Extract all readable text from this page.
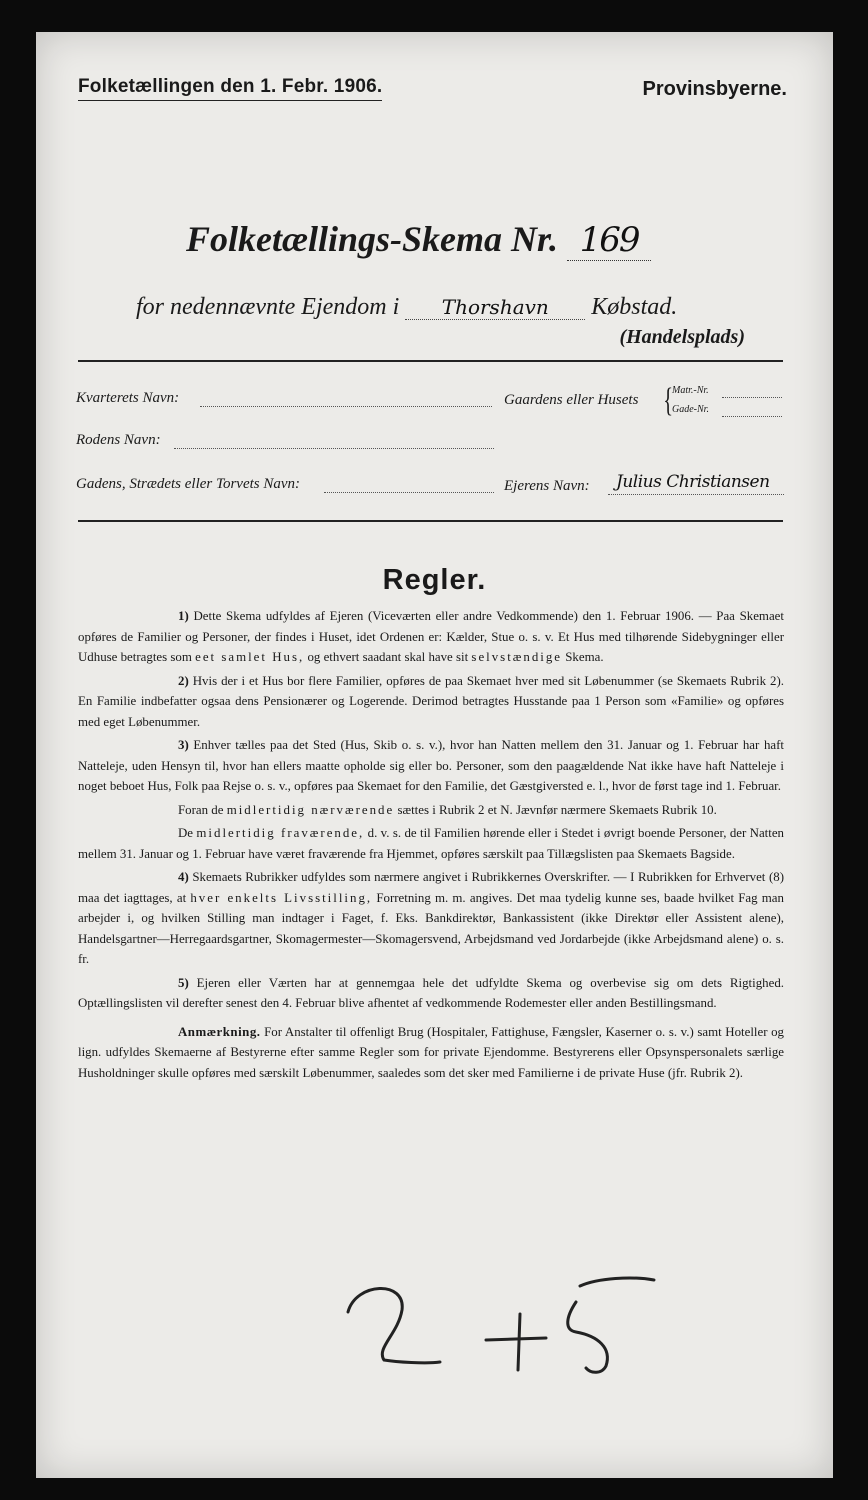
Folketællingen den 1. Febr. 1906.	Provinsbyerne.
Folketællings-Skema Nr. 169
for nedennævnte Ejendom i Thorshavn Købstad.
(Handelsplads)
Kvarterets Navn:	Gaardens eller Husets {
Matr.-Nr.
Gade-Nr.
Rodens Navn:
Gadens, Strædets eller Torvets Navn:	Ejerens Navn: Julius Christiansen
Regler.

1) Dette Skema udfyldes af Ejeren (Viceværten eller andre Vedkommende) den 1. Februar 1906. — Paa Skemaet opføres de Familier og Personer, der findes i Huset, idet Ordenen er: Kælder, Stue o. s. v. Et Hus med tilhørende Sidebygninger eller Udhuse betragtes som eet samlet Hus, og ethvert saadant skal have sit selvstændige Skema.

2) Hvis der i et Hus bor flere Familier, opføres de paa Skemaet hver med sit Løbenummer (se Skemaets Rubrik 2). En Familie indbefatter ogsaa dens Pensionærer og Logerende. Derimod betragtes Husstande paa 1 Person som «Familie» og opføres med eget Løbenummer.

3) Enhver tælles paa det Sted (Hus, Skib o. s. v.), hvor han Natten mellem den 31. Januar og 1. Februar har haft Natteleje, uden Hensyn til, hvor han ellers maatte opholde sig eller bo. Personer, som den paagældende Nat ikke have haft Natteleje i noget beboet Hus, Folk paa Rejse o. s. v., opføres paa Skemaet for den Familie, det Gæstgiversted e. l., hvor de først tage ind 1. Februar.

Foran de midlertidig nærværende sættes i Rubrik 2 et N. Jævnfør nærmere Skemaets Rubrik 10.

De midlertidig fraværende, d. v. s. de til Familien hørende eller i Stedet i øvrigt boende Personer, der Natten mellem 31. Januar og 1. Februar have været fraværende fra Hjemmet, opføres særskilt paa Tillægslisten paa Skemaets Bagside.

4) Skemaets Rubrikker udfyldes som nærmere angivet i Rubrikkernes Overskrifter. — I Rubrikken for Erhvervet (8) maa det iagttages, at hver enkelts Livsstilling, Forretning m. m. angives. Det maa tydelig kunne ses, baade hvilket Fag man arbejder i, og hvilken Stilling man indtager i Faget, f. Eks. Bankdirektør, Bankassistent (ikke Direktør eller Assistent alene), Handelsgartner—Herregaardsgartner, Skomagermester—Skomagersvend, Arbejdsmand ved Jordarbejde (ikke Arbejdsmand alene) o. s. fr.

5) Ejeren eller Værten har at gennemgaa hele det udfyldte Skema og overbevise sig om dets Rigtighed. Optællingslisten vil derefter senest den 4. Februar blive afhentet af vedkommende Rodemester eller anden Bestillingsmand.

Anmærkning. For Anstalter til offenligt Brug (Hospitaler, Fattighuse, Fængsler, Kaserner o. s. v.) samt Hoteller og lign. udfyldes Skemaerne af Bestyrerne efter samme Regler som for private Ejendomme. Bestyrerens eller Opsynspersonalets særlige Husholdninger skulle opføres med særskilt Løbenummer, saaledes som det sker med Familierne i de private Huse (jfr. Rubrik 2).
